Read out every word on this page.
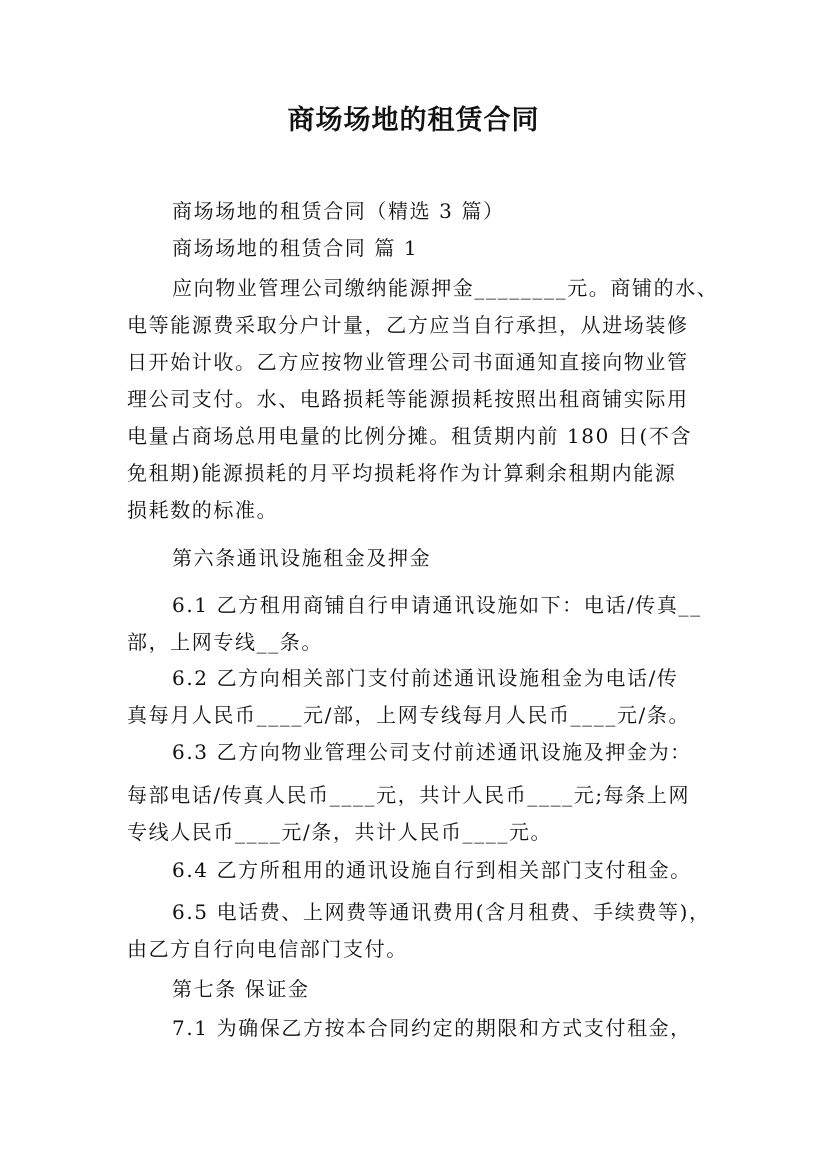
商场场地的租赁合同
商场场地的租赁合同（精选 3 篇）
商场场地的租赁合同 篇 1
应向物业管理公司缴纳能源押金________元。商铺的水、
电等能源费采取分户计量，乙方应当自行承担，从进场装修
日开始计收。乙方应按物业管理公司书面通知直接向物业管
理公司支付。水、电路损耗等能源损耗按照出租商铺实际用
电量占商场总用电量的比例分摊。租赁期内前 180 日(不含
免租期)能源损耗的月平均损耗将作为计算剩余租期内能源
损耗数的标准。
第六条通讯设施租金及押金
6.1 乙方租用商铺自行申请通讯设施如下：电话/传真__
部，上网专线__条。
6.2 乙方向相关部门支付前述通讯设施租金为电话/传
真每月人民币____元/部，上网专线每月人民币____元/条。
6.3 乙方向物业管理公司支付前述通讯设施及押金为：
每部电话/传真人民币____元，共计人民币____元;每条上网
专线人民币____元/条，共计人民币____元。
6.4 乙方所租用的通讯设施自行到相关部门支付租金。
6.5 电话费、上网费等通讯费用(含月租费、手续费等)，
由乙方自行向电信部门支付。
第七条 保证金
7.1 为确保乙方按本合同约定的期限和方式支付租金，
